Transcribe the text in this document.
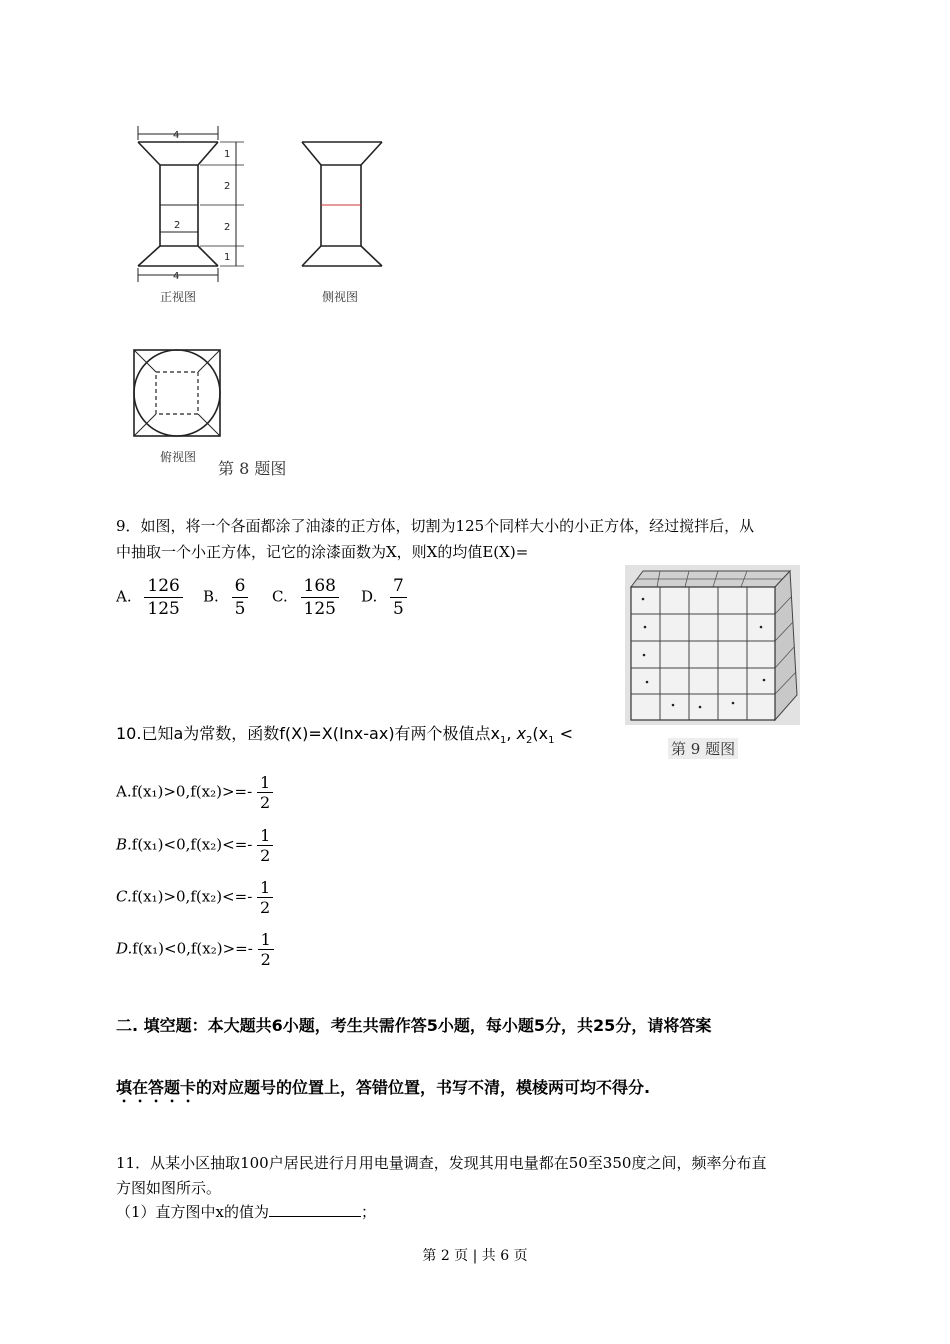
4
4
2
1
2
2
1
正视图	侧视图
俯视图
第 8 题图
9．如图，将一个各面都涂了油漆的正方体，切割为125个同样大小的小正方体，经过搅拌后，从
中抽取一个小正方体，记它的涂漆面数为X，则X的均值E(X)=
A. $\frac{126}{125} B$. $\frac{6}{5} C$. $\frac{168}{125} D$. $\frac{7}{5}$
第 9 题图
10.已知a为常数，函数f(X)=X(Inx-ax)有两个极值点$x_1$, $x_2(x_1$ <
$A.f(x_1)>0,f(x_2)>=- \frac{1}{2}$
$B.f(x_1)<0,f(x_2)<=- \frac{1}{2}$
$C.f(x_1)>0,f(x_2)<=- \frac{1}{2}$
$D.f(x_1)<0,f(x_2)>=- \frac{1}{2}$
二. 填空题：本大题共6小题，考生共需作答5小题，每小题5分，共25分，请将答案
填在答题卡的对应题号的位置上，答错位置，书写不清，模棱两可均不得分.
11．从某小区抽取100户居民进行月用电量调查，发现其用电量都在50至350度之间，频率分布直
方图如图所示。
（1）直方图中x的值为	；
第 2 页 | 共 6 页
